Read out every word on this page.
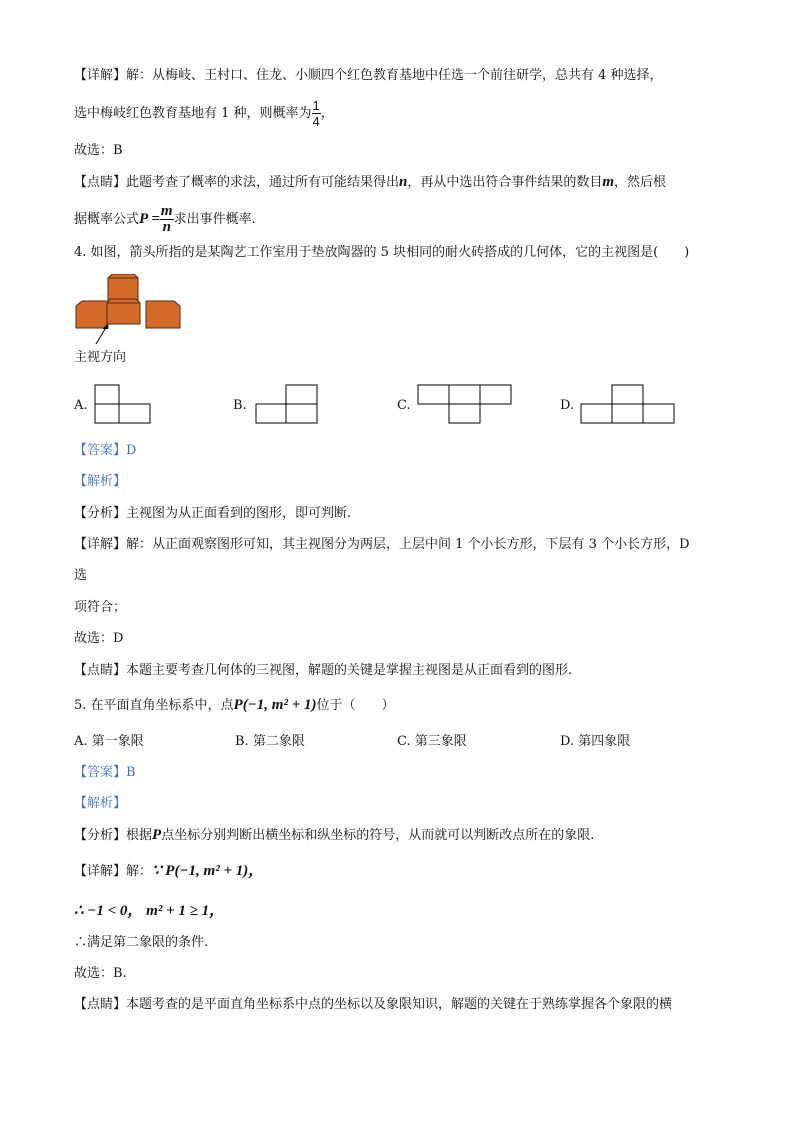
【详解】解：从梅岐、王村口、住龙、小顺四个红色教育基地中任选一个前往研学，总共有 4 种选择，
选中梅岐红色教育基地有 1 种，则概率为 $\frac{1}{4}$ ，
故选：B
【点睛】此题考查了概率的求法，通过所有可能结果得出n，再从中选出符合事件结果的数目m，然后根
据概率公式$P = \frac{m}{n}$ 求出事件概率.
4. 如图，箭头所指的是某陶艺工作室用于垫放陶器的 5 块相同的耐火砖搭成的几何体，它的主视图是(　　)
主视方向
A.	B.	C.	D.
【答案】D
【解析】
【分析】主视图为从正面看到的图形，即可判断.
【详解】解：从正面观察图形可知，其主视图分为两层，上层中间 1 个小长方形，下层有 3 个小长方形，D
选
项符合；
故选：D
【点睛】本题主要考查几何体的三视图，解题的关键是掌握主视图是从正面看到的图形.
5. 在平面直角坐标系中，点P(−1, m² + 1)位于（　　）
A. 第一象限	B. 第二象限	C. 第三象限	D. 第四象限
【答案】B
【解析】
【分析】根据P点坐标分别判断出横坐标和纵坐标的符号，从而就可以判断改点所在的象限.
【详解】解：∵ P(−1, m² + 1)，
∴ −1 < 0， m² + 1 ≥ 1，
∴满足第二象限的条件.
故选：B.
【点睛】本题考查的是平面直角坐标系中点的坐标以及象限知识，解题的关键在于熟练掌握各个象限的横
